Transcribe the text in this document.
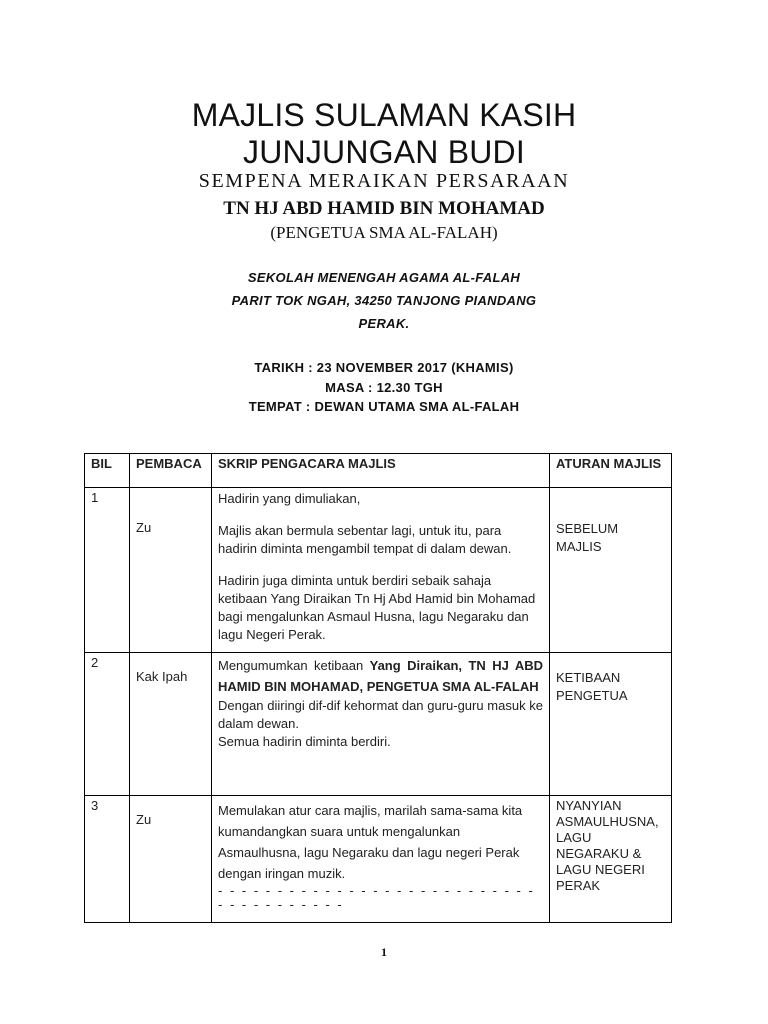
MAJLIS SULAMAN KASIH
JUNJUNGAN BUDI
SEMPENA MERAIKAN PERSARAAN
TN HJ ABD HAMID BIN MOHAMAD
(PENGETUA SMA AL-FALAH)
SEKOLAH MENENGAH AGAMA AL-FALAH
PARIT TOK NGAH, 34250 TANJONG PIANDANG
PERAK.
TARIKH : 23 NOVEMBER 2017 (KHAMIS)
MASA : 12.30 TGH
TEMPAT : DEWAN UTAMA SMA AL-FALAH
BIL	PEMBACA	SKRIP PENGACARA MAJLIS	ATURAN MAJLIS
1	Zu	Hadirin yang dimuliakan,

Majlis akan bermula sebentar lagi, untuk itu, para hadirin diminta mengambil tempat di dalam dewan.

Hadirin juga diminta untuk berdiri sebaik sahaja ketibaan Yang Diraikan Tn Hj Abd Hamid bin Mohamad bagi mengalunkan Asmaul Husna, lagu Negaraku dan lagu Negeri Perak.	SEBELUM MAJLIS

2	Kak Ipah	Mengumumkan ketibaan Yang Diraikan, TN HJ ABD HAMID BIN MOHAMAD, PENGETUA SMA AL-FALAH

Dengan diiringi dif-dif kehormat dan guru-guru masuk ke dalam dewan.

Semua hadirin diminta berdiri.	KETIBAAN PENGETUA

3	Zu	Memulakan atur cara majlis, marilah sama-sama kita kumandangkan suara untuk mengalunkan Asmaulhusna, lagu Negaraku dan lagu negeri Perak dengan iringan muzik.

- - - - - - - - - - - - - - - - - - - - - - - - - - - - - - - - - - - - - -	NYANYIAN ASMAULHUSNA, LAGU NEGARAKU & LAGU NEGERI PERAK
1
